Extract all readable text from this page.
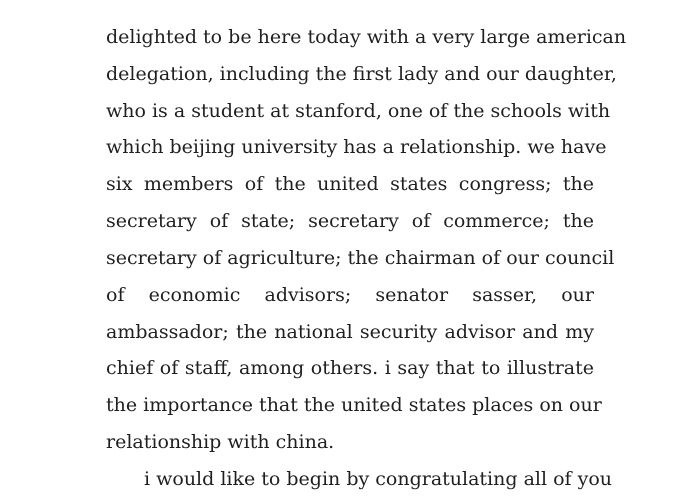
delighted to be here today with a very large american
delegation, including the first lady and our daughter,
who is a student at stanford, one of the schools with
which beijing university has a relationship. we have
six members of the united states congress; the
secretary of state; secretary of commerce; the
secretary of agriculture; the chairman of our council
of economic advisors; senator sasser, our
ambassador; the national security advisor and my
chief of staff, among others. i say that to illustrate
the importance that the united states places on our
relationship with china.
i would like to begin by congratulating all of you
